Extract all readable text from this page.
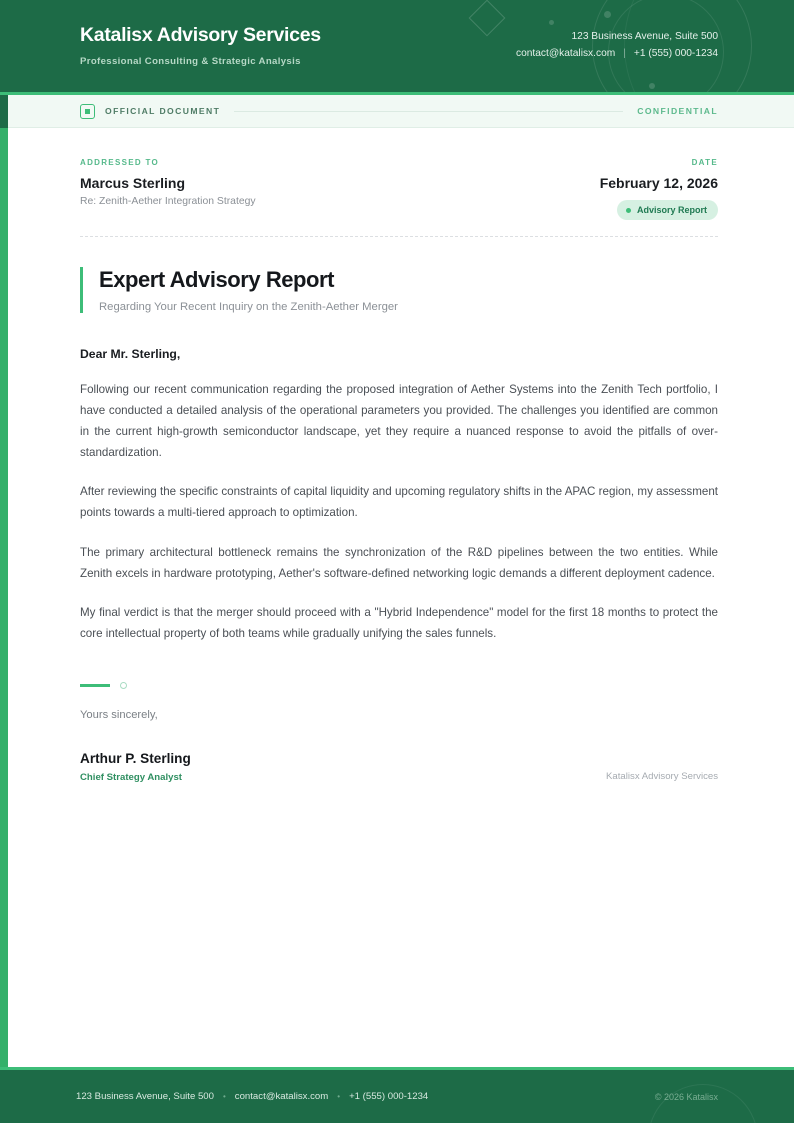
Katalisx Advisory Services
Professional Consulting & Strategic Analysis
123 Business Avenue, Suite 500
contact@katalisx.com | +1 (555) 000-1234
OFFICIAL DOCUMENT	CONFIDENTIAL
ADDRESSED TO
Marcus Sterling
Re: Zenith-Aether Integration Strategy
DATE
February 12, 2026
Advisory Report
Expert Advisory Report
Regarding Your Recent Inquiry on the Zenith-Aether Merger
Dear Mr. Sterling,

Following our recent communication regarding the proposed integration of Aether Systems into the Zenith Tech portfolio, I have conducted a detailed analysis of the operational parameters you provided. The challenges you identified are common in the current high-growth semiconductor landscape, yet they require a nuanced response to avoid the pitfalls of over-standardization.

After reviewing the specific constraints of capital liquidity and upcoming regulatory shifts in the APAC region, my assessment points towards a multi-tiered approach to optimization.

The primary architectural bottleneck remains the synchronization of the R&D pipelines between the two entities. While Zenith excels in hardware prototyping, Aether's software-defined networking logic demands a different deployment cadence.

My final verdict is that the merger should proceed with a "Hybrid Independence" model for the first 18 months to protect the core intellectual property of both teams while gradually unifying the sales funnels.

Yours sincerely,
Arthur P. Sterling
Chief Strategy Analyst	Katalisx Advisory Services
123 Business Avenue, Suite 500 • contact@katalisx.com • +1 (555) 000-1234	© 2026 Katalisx
